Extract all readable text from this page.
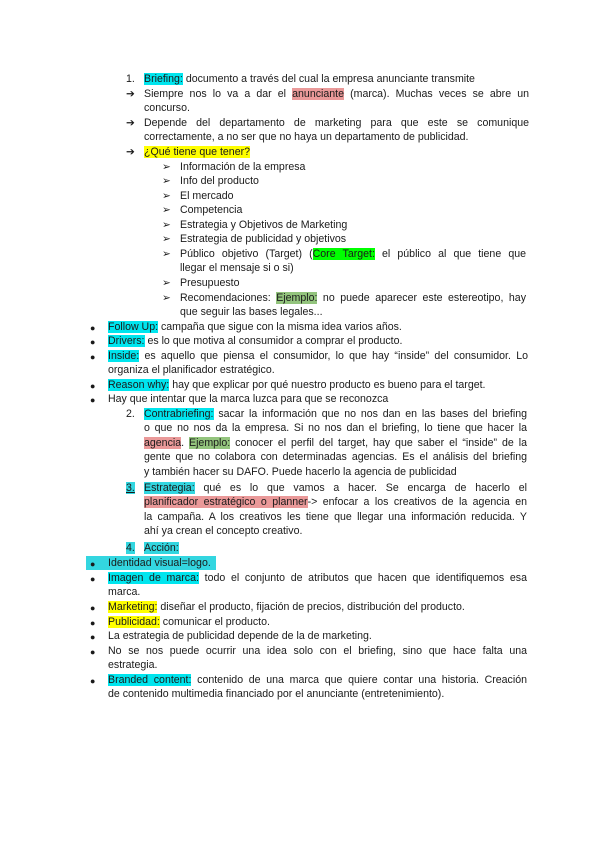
1. Briefing: documento a través del cual la empresa anunciante transmite
➔ Siempre nos lo va a dar el anunciante (marca). Muchas veces se abre un
concurso.
➔ Depende del departamento de marketing para que este se comunique
correctamente, a no ser que no haya un departamento de publicidad.
➔ ¿Qué tiene que tener?
➢ Información de la empresa
➢ Info del producto
➢ El mercado
➢ Competencia
➢ Estrategia y Objetivos de Marketing
➢ Estrategia de publicidad y objetivos
➢ Público objetivo (Target) (Core Target: el público al que tiene que
llegar el mensaje si o si)
➢ Presupuesto
➢ Recomendaciones: Ejemplo: no puede aparecer este estereotipo, hay
que seguir las bases legales...
● Follow Up: campaña que sigue con la misma idea varios años.
● Drivers: es lo que motiva al consumidor a comprar el producto.
● Inside: es aquello que piensa el consumidor, lo que hay “inside” del consumidor. Lo
organiza el planificador estratégico.
● Reason why: hay que explicar por qué nuestro producto es bueno para el target.
● Hay que intentar que la marca luzca para que se reconozca
2. Contrabriefing: sacar la información que no nos dan en las bases del briefing
o que no nos da la empresa. Si no nos dan el briefing, lo tiene que hacer la
agencia. Ejemplo: conocer el perfil del target, hay que saber el “inside” de la
gente que no colabora con determinadas agencias. Es el análisis del briefing
y también hacer su DAFO. Puede hacerlo la agencia de publicidad
3. Estrategia: qué es lo que vamos a hacer. Se encarga de hacerlo el
planificador estratégico o planner-> enfocar a los creativos de la agencia en
la campaña. A los creativos les tiene que llegar una información reducida. Y
ahí ya crean el concepto creativo.
4. Acción:
● Identidad visual=logo.
● Imagen de marca: todo el conjunto de atributos que hacen que identifiquemos esa
marca.
● Marketing: diseñar el producto, fijación de precios, distribución del producto.
● Publicidad: comunicar el producto.
● La estrategia de publicidad depende de la de marketing.
● No se nos puede ocurrir una idea solo con el briefing, sino que hace falta una
estrategia.
● Branded content: contenido de una marca que quiere contar una historia. Creación
de contenido multimedia financiado por el anunciante (entretenimiento).
